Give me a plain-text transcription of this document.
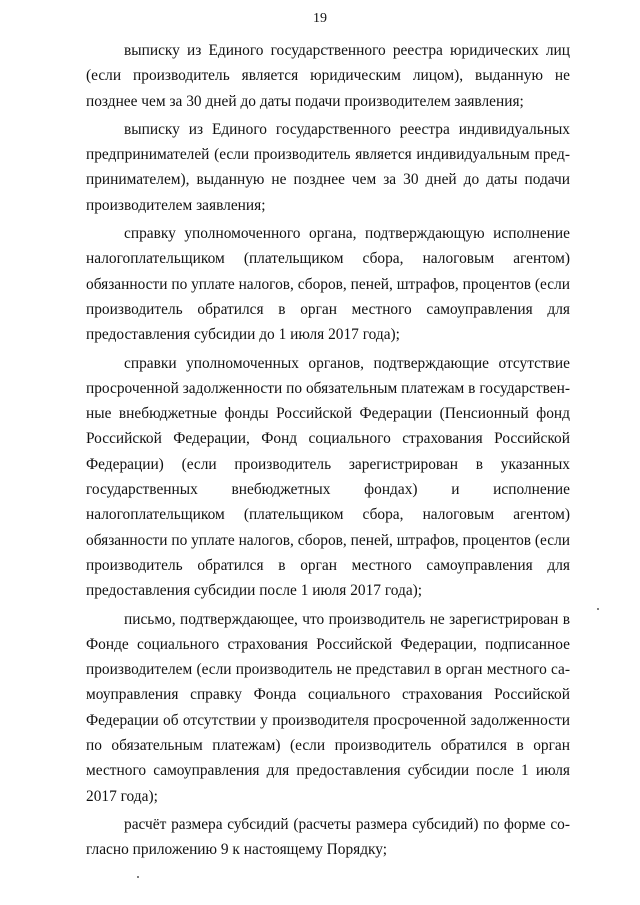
19

выписку из Единого государственного реестра юридических лиц (если производитель является юридическим лицом), выданную не позднее чем за 30 дней до даты подачи производителем заявления;

выписку из Единого государственного реестра индивидуальных предпринимателей (если производитель является индивидуальным предпринимателем), выданную не позднее чем за 30 дней до даты подачи производителем заявления;

справку уполномоченного органа, подтверждающую исполнение налогоплательщиком (плательщиком сбора, налоговым агентом) обязанности по уплате налогов, сборов, пеней, штрафов, процентов (если производитель обратился в орган местного самоуправления для предоставления субсидии до 1 июля 2017 года);

справки уполномоченных органов, подтверждающие отсутствие просроченной задолженности по обязательным платежам в государственные внебюджетные фонды Российской Федерации (Пенсионный фонд Российской Федерации, Фонд социального страхования Российской Федерации) (если производитель зарегистрирован в указанных государственных внебюджетных фондах) и исполнение налогоплательщиком (плательщиком сбора, налоговым агентом) обязанности по уплате налогов, сборов, пеней, штрафов, процентов (если производитель обратился в орган местного самоуправления для предоставления субсидии после 1 июля 2017 года);

письмо, подтверждающее, что производитель не зарегистрирован в Фонде социального страхования Российской Федерации, подписанное производителем (если производитель не представил в орган местного самоуправления справку Фонда социального страхования Российской Федерации об отсутствии у производителя просроченной задолженности по обязательным платежам) (если производитель обратился в орган местного самоуправления для предоставления субсидии после 1 июля 2017 года);

расчёт размера субсидий (расчеты размера субсидий) по форме согласно приложению 9 к настоящему Порядку;
